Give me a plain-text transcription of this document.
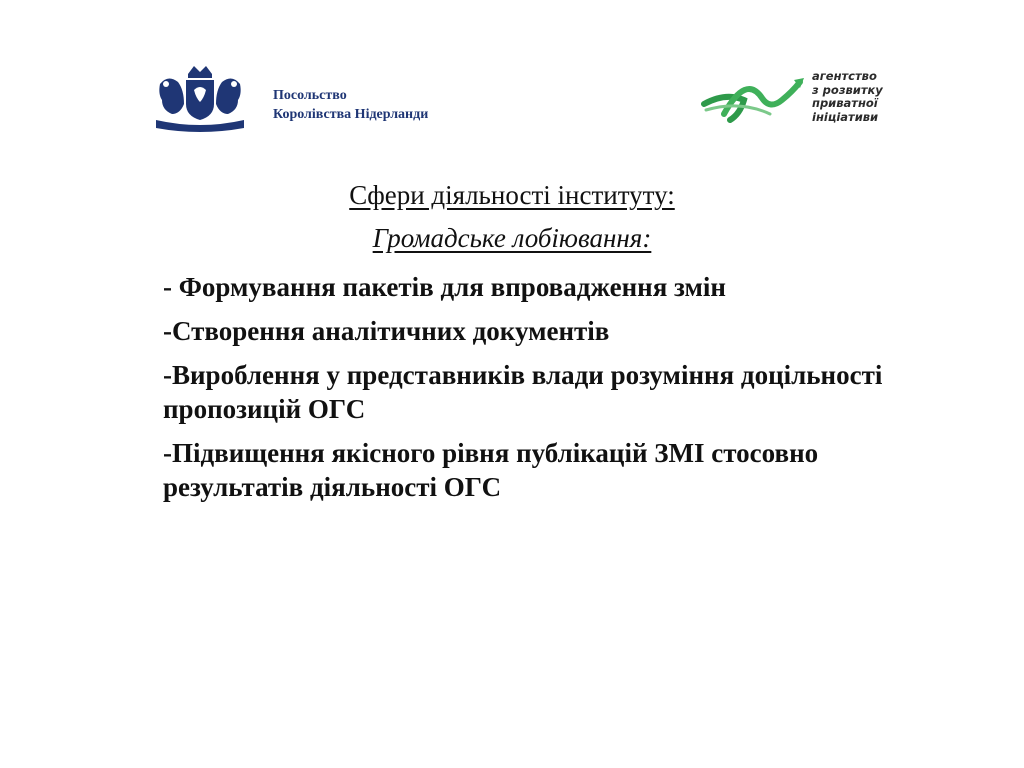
Посольство
Королівства Нідерланди
агентство
з розвитку
приватної
ініціативи
Сфери діяльності інституту:
Громадське лобіювання:
- Формування пакетів для впровадження змін
-Створення аналітичних документів
-Вироблення у представників влади розуміння доцільності пропозицій ОГС
-Підвищення якісного рівня публікацій ЗМІ стосовно результатів діяльності ОГС
